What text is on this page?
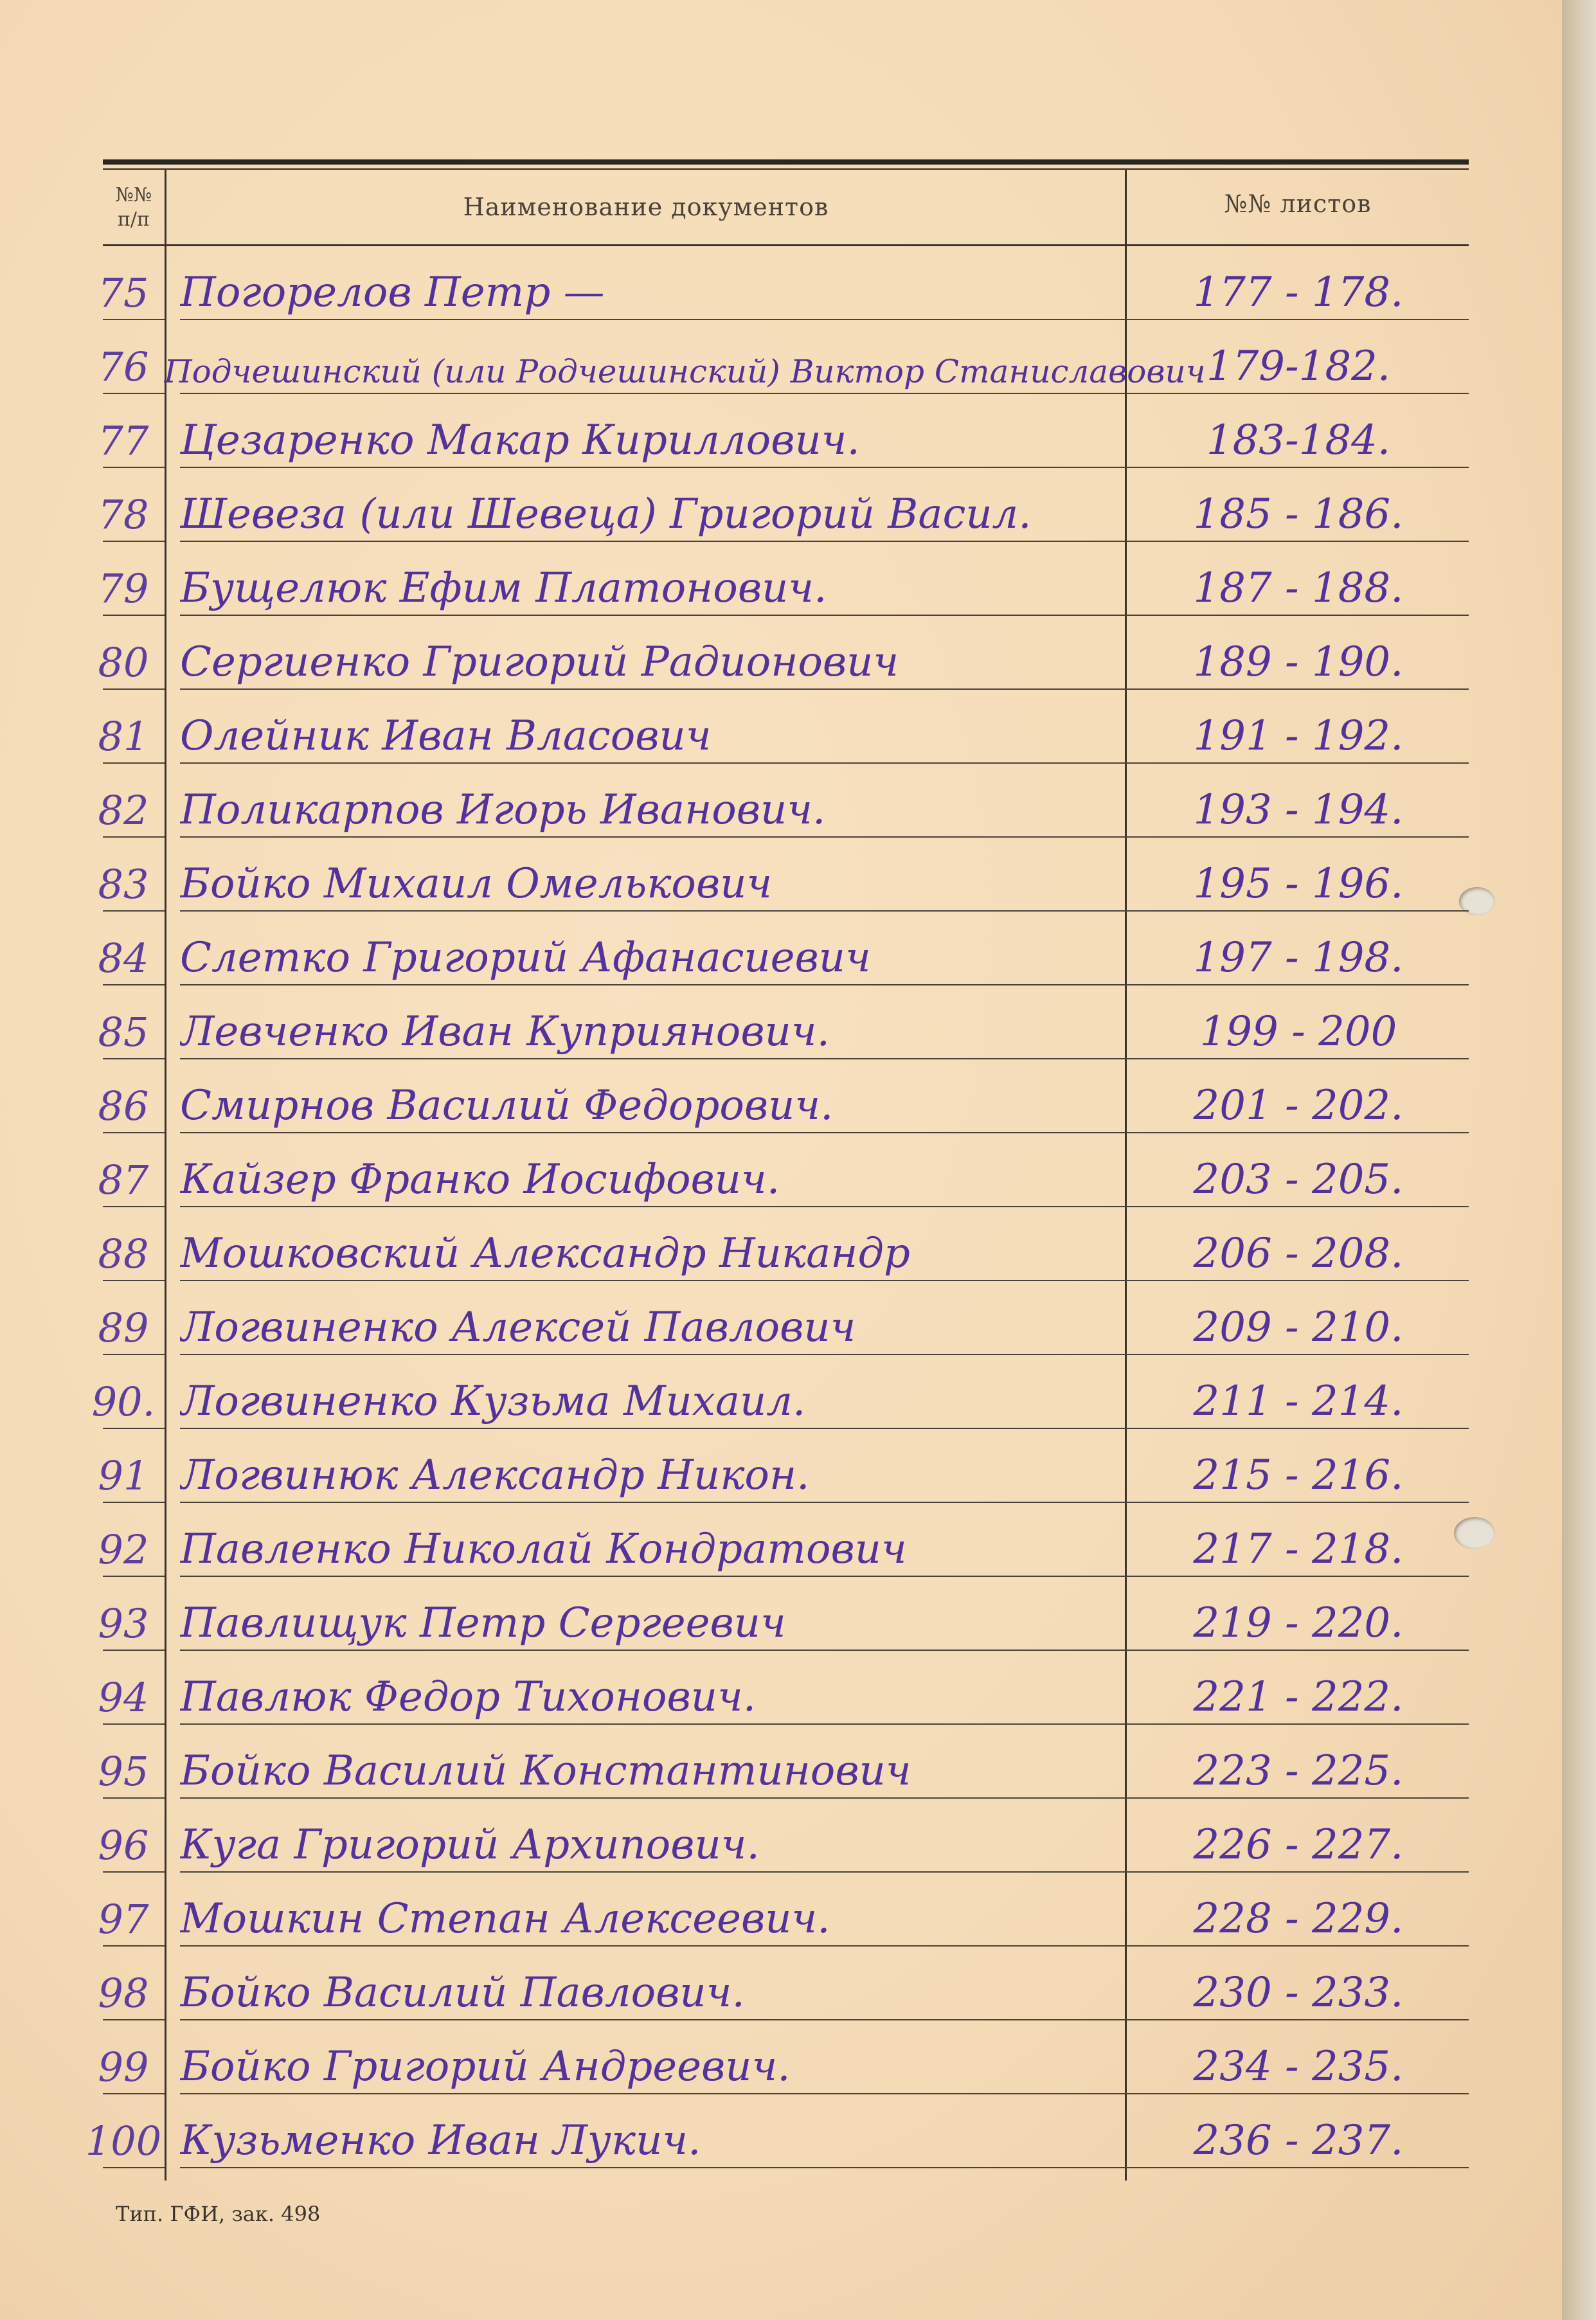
№№ п/п	Наименование документов	№№ листов
75 Погорелов Петр —	177 - 178.
76 Подчешинский (или Родчешинский) Виктор Станиславович 179-182.
77 Цезаренко Макар Кириллович.	183-184.
78 Шевеза (или Шевеца) Григорий Васил.	185 - 186.
79 Бущелюк Ефим Платонович.	187 - 188.
80 Сергиенко Григорий Радионович	189 - 190.
81 Олейник Иван Власович	191 - 192.
82 Поликарпов Игорь Иванович.	193 - 194.
83 Бойко Михаил Омелькович	195 - 196.
84 Слетко Григорий Афанасиевич	197 - 198.
85 Левченко Иван Куприянович.	199 - 200
86 Смирнов Василий Федорович.	201 - 202.
87 Кайзер Франко Иосифович.	203 - 205.
88 Мошковский Александр Никандр	206 - 208.
89 Логвиненко Алексей Павлович	209 - 210.
90. Логвиненко Кузьма Михаил.	211 - 214.
91 Логвинюк Александр Никон.	215 - 216.
92 Павленко Николай Кондратович	217 - 218.
93 Павлищук Петр Сергеевич	219 - 220.
94 Павлюк Федор Тихонович.	221 - 222.
95 Бойко Василий Константинович	223 - 225.
96 Куга Григорий Архипович.	226 - 227.
97 Мошкин Степан Алексеевич.	228 - 229.
98 Бойко Василий Павлович.	230 - 233.
99 Бойко Григорий Андреевич.	234 - 235.
100 Кузьменко Иван Лукич.	236 - 237.
Тип. ГФИ, зак. 498
